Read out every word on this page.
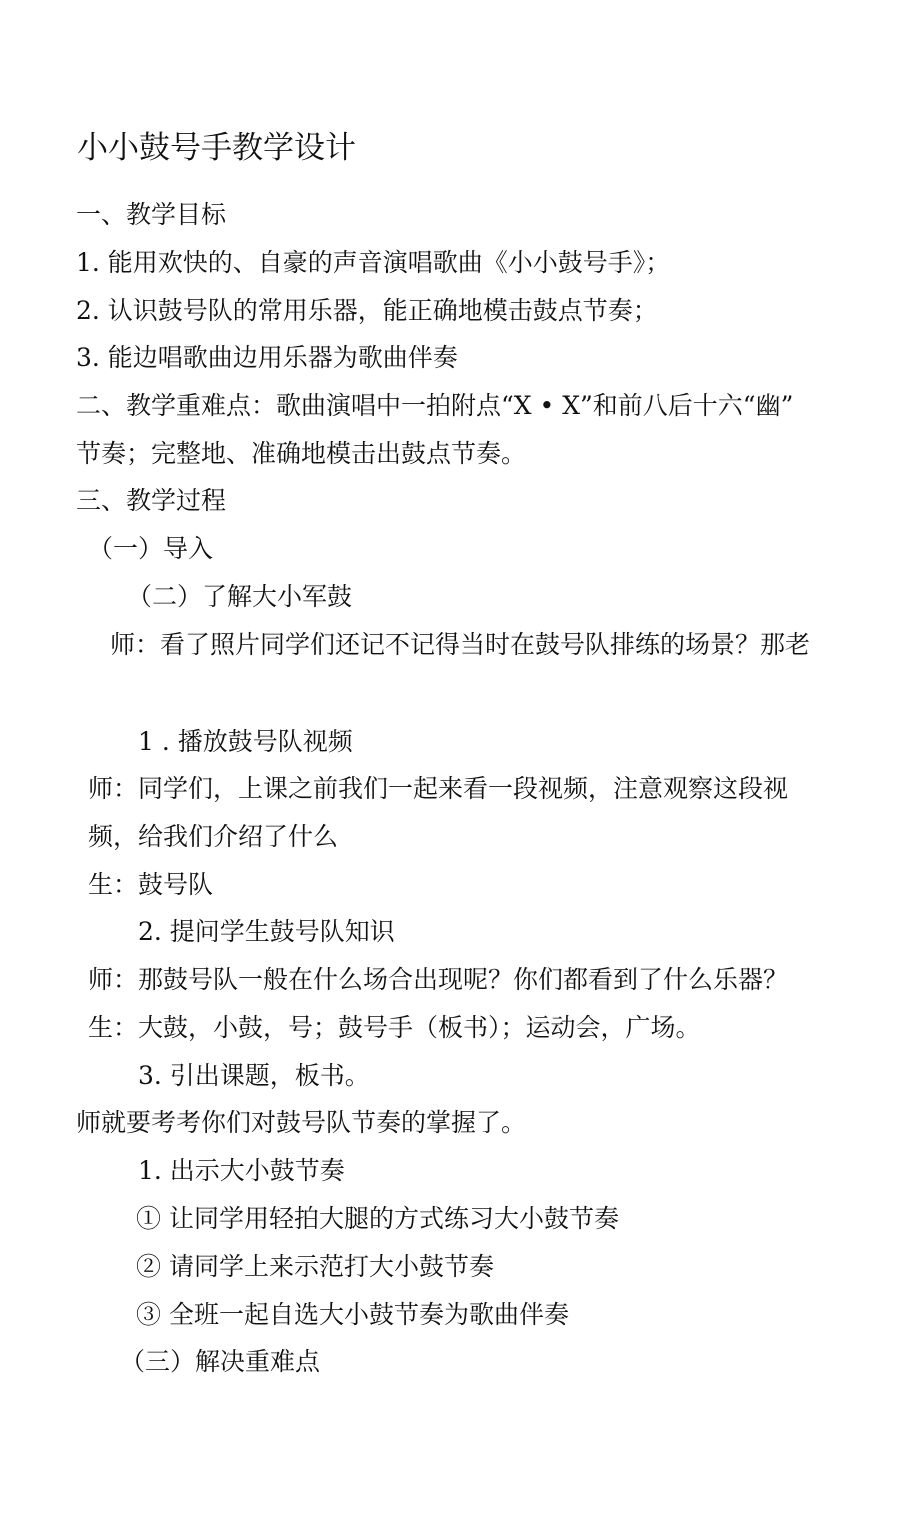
小小鼓号手教学设计
一、教学目标
1. 能用欢快的、自豪的声音演唱歌曲《小小鼓号手》；
2. 认识鼓号队的常用乐器，能正确地模击鼓点节奏；
3. 能边唱歌曲边用乐器为歌曲伴奏
二、教学重难点：歌曲演唱中一拍附点“X • X”和前八后十六“幽”
节奏；完整地、准确地模击出鼓点节奏。
三、教学过程
（一）导入
（二）了解大小军鼓
师：看了照片同学们还记不记得当时在鼓号队排练的场景？那老
1 . 播放鼓号队视频
师：同学们，上课之前我们一起来看一段视频，注意观察这段视
频，给我们介绍了什么
生：鼓号队
2. 提问学生鼓号队知识
师：那鼓号队一般在什么场合出现呢？你们都看到了什么乐器？
生：大鼓，小鼓，号；鼓号手（板书）；运动会，广场。
3. 引出课题，板书。
师就要考考你们对鼓号队节奏的掌握了。
1. 出示大小鼓节奏
① 让同学用轻拍大腿的方式练习大小鼓节奏
② 请同学上来示范打大小鼓节奏
③ 全班一起自选大小鼓节奏为歌曲伴奏
（三）解决重难点
